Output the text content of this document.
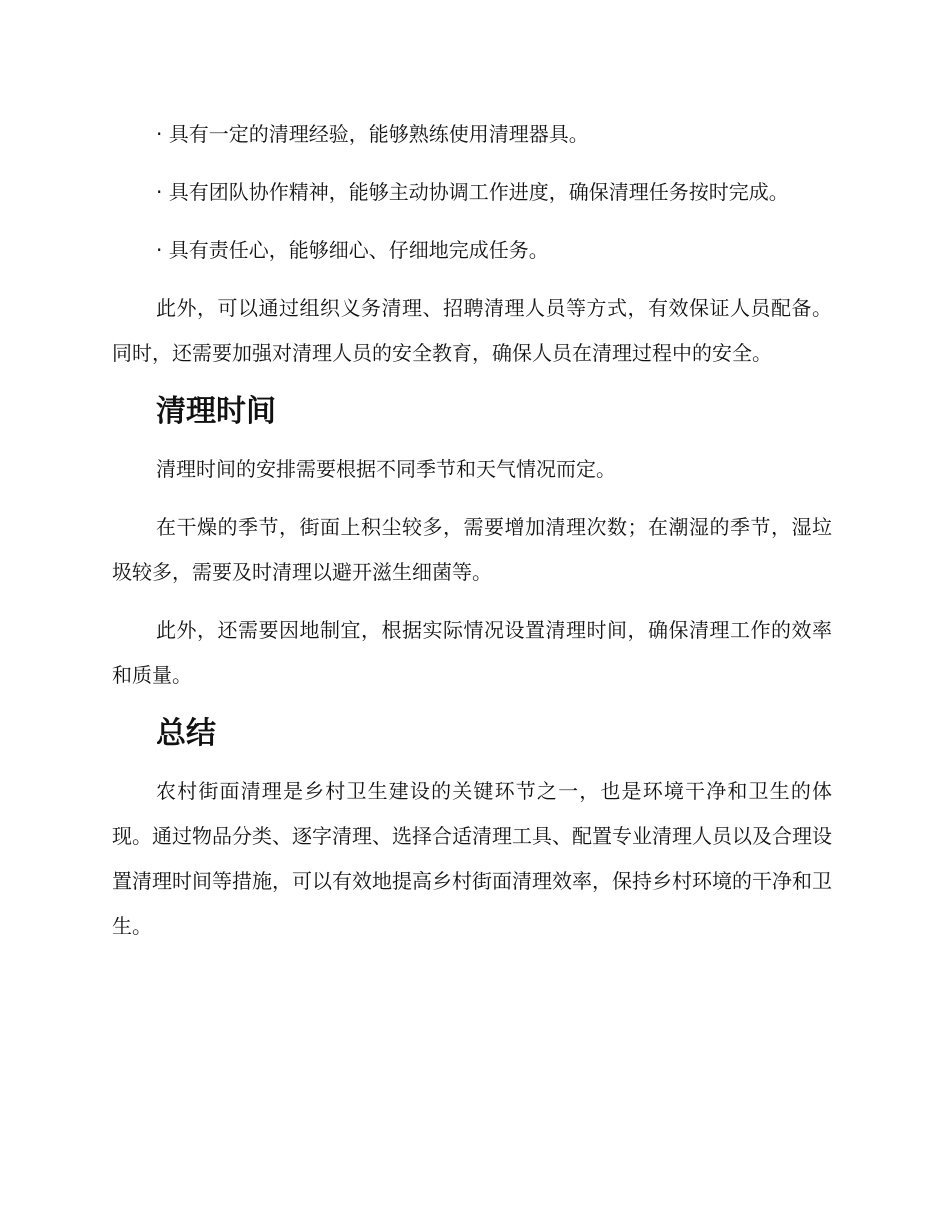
· 具有一定的清理经验，能够熟练使用清理器具。

· 具有团队协作精神，能够主动协调工作进度，确保清理任务按时完成。

· 具有责任心，能够细心、仔细地完成任务。

此外，可以通过组织义务清理、招聘清理人员等方式，有效保证人员配备。同时，还需要加强对清理人员的安全教育，确保人员在清理过程中的安全。

清理时间

清理时间的安排需要根据不同季节和天气情况而定。

在干燥的季节，街面上积尘较多，需要增加清理次数；在潮湿的季节，湿垃圾较多，需要及时清理以避开滋生细菌等。

此外，还需要因地制宜，根据实际情况设置清理时间，确保清理工作的效率和质量。

总结

农村街面清理是乡村卫生建设的关键环节之一，也是环境干净和卫生的体现。通过物品分类、逐字清理、选择合适清理工具、配置专业清理人员以及合理设置清理时间等措施，可以有效地提高乡村街面清理效率，保持乡村环境的干净和卫生。
